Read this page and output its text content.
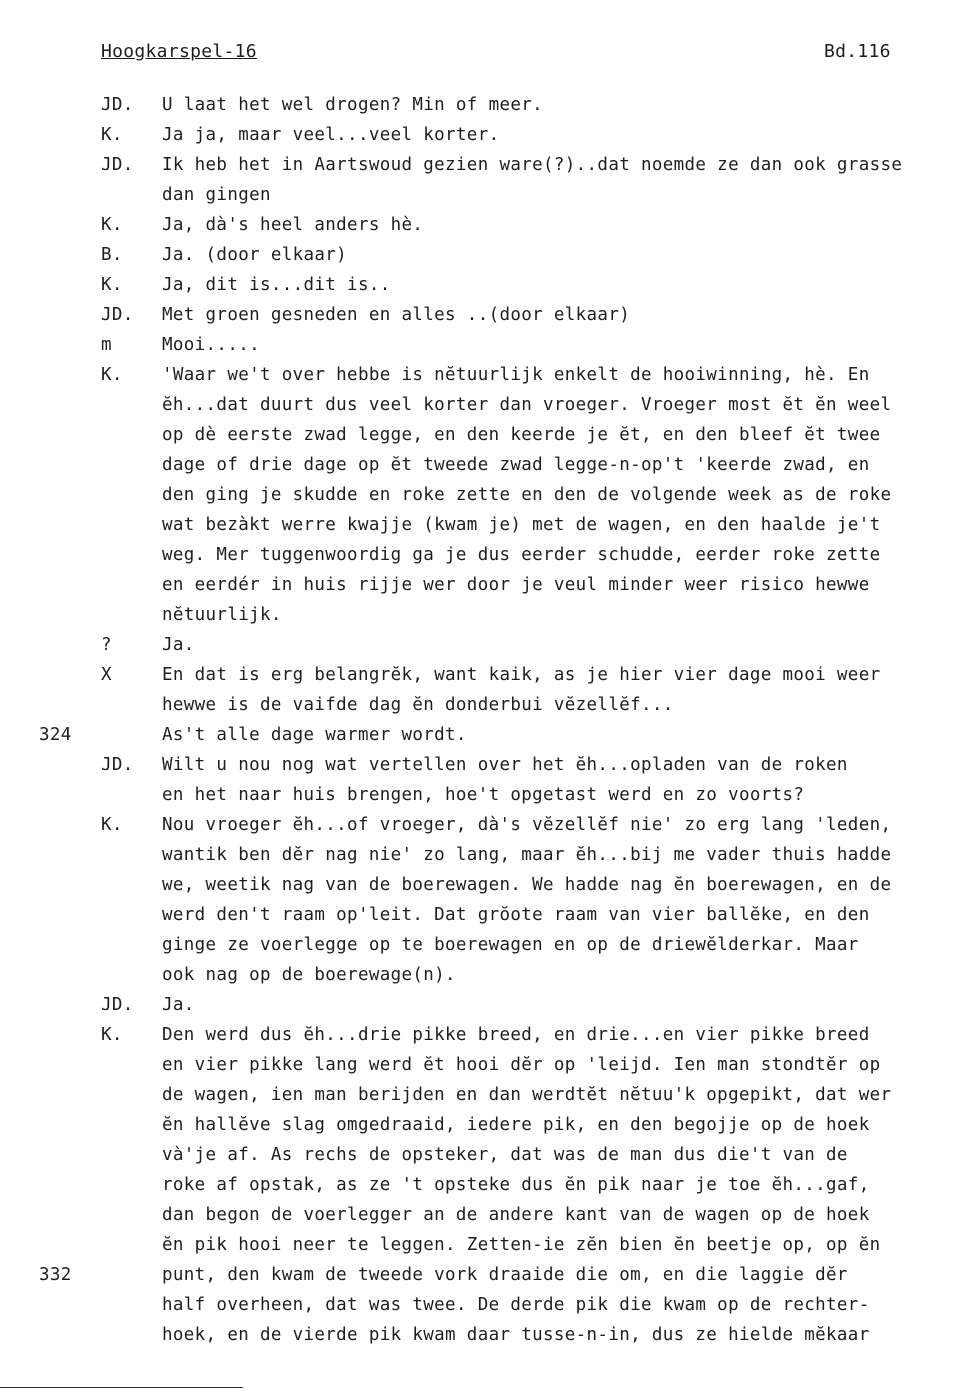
Hoogkarspel-16	Bd.116
JD.	U laat het wel drogen? Min of meer.
K.	Ja ja, maar veel...veel korter.
JD.	Ik heb het in Aartswoud gezien ware(?)..dat noemde ze dan ook grasse
dan gingen
K.	Ja, dà's heel anders hè.
B.	Ja. (door elkaar)
K.	Ja, dit is...dit is..
JD.	Met groen gesneden en alles ..(door elkaar)
m	Mooi.....
K.	'Waar we't over hebbe is nĕtuurlijk enkelt de hooiwinning, hè. En
ĕh...dat duurt dus veel korter dan vroeger. Vroeger most ĕt ĕn weel
op dè eerste zwad legge, en den keerde je ĕt, en den bleef ĕt twee
dage of drie dage op ĕt tweede zwad legge-n-op't 'keerde zwad, en
den ging je skudde en roke zette en den de volgende week as de roke
wat bezàkt werre kwajje (kwam je) met de wagen, en den haalde je't
weg. Mer tuggenwoordig ga je dus eerder schudde, eerder roke zette
en eerdér in huis rijje wer door je veul minder weer risico hewwe
nĕtuurlijk.
?	Ja.
X	En dat is erg belangrĕk, want kaik, as je hier vier dage mooi weer
hewwe is de vaifde dag ĕn donderbui vĕzellĕf...
324	As't alle dage warmer wordt.
JD.	Wilt u nou nog wat vertellen over het ĕh...opladen van de roken
en het naar huis brengen, hoe't opgetast werd en zo voorts?
K.	Nou vroeger ĕh...of vroeger, dà's vĕzellĕf nie' zo erg lang 'leden,
wantik ben dĕr nag nie' zo lang, maar ĕh...bij me vader thuis hadde
we, weetik nag van de boerewagen. We hadde nag ĕn boerewagen, en de
werd den't raam op'leit. Dat grŏote raam van vier ballĕke, en den
ginge ze voerlegge op te boerewagen en op de driewĕlderkar. Maar
ook nag op de boerewage(n).
JD.	Ja.
K.	Den werd dus ĕh...drie pikke breed, en drie...en vier pikke breed
en vier pikke lang werd ĕt hooi dĕr op 'leijd. Ien man stondtĕr op
de wagen, ien man berijden en dan werdtĕt nĕtuu'k opgepikt, dat wer
ĕn hallĕve slag omgedraaid, iedere pik, en den begojje op de hoek
và'je af. As rechs de opsteker, dat was de man dus die't van de
roke af opstak, as ze 't opsteke dus ĕn pik naar je toe ĕh...gaf,
dan begon de voerlegger an de andere kant van de wagen op de hoek
ĕn pik hooi neer te leggen. Zetten-ie zĕn bien ĕn beetje op, op ĕn
332	punt, den kwam de tweede vork draaide die om, en die laggie dĕr
half overheen, dat was twee. De derde pik die kwam op de rechter-
hoek, en de vierde pik kwam daar tusse-n-in, dus ze hielde mĕkaar
